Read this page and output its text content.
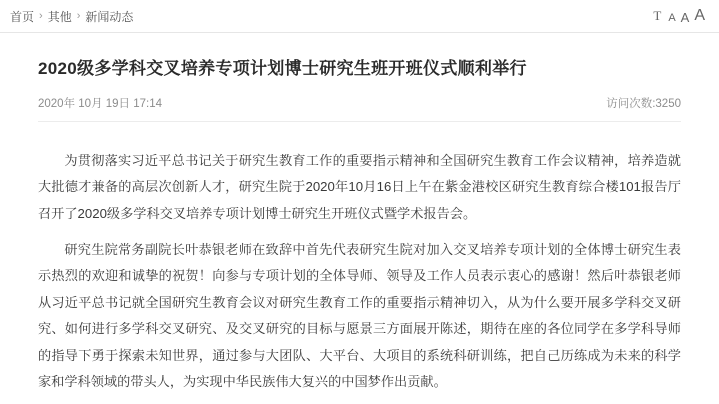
首页 › 其他 › 新闻动态	T A A A
2020级多学科交叉培养专项计划博士研究生班开班仪式顺利举行
2020年 10月 19日 17:14	访问次数:3250

为贯彻落实习近平总书记关于研究生教育工作的重要指示精神和全国研究生教育工作会议精神，培养造就大批德才兼备的高层次创新人才，研究生院于2020年10月16日上午在紫金港校区研究生教育综合楼101报告厅召开了2020级多学科交叉培养专项计划博士研究生开班仪式暨学术报告会。

研究生院常务副院长叶恭银老师在致辞中首先代表研究生院对加入交叉培养专项计划的全体博士研究生表示热烈的欢迎和诚挚的祝贺！向参与专项计划的全体导师、领导及工作人员表示衷心的感谢！然后叶恭银老师从习近平总书记就全国研究生教育会议对研究生教育工作的重要指示精神切入，从为什么要开展多学科交叉研究、如何进行多学科交叉研究、及交叉研究的目标与愿景三方面展开陈述，期待在座的各位同学在多学科导师的指导下勇于探索未知世界，通过参与大团队、大平台、大项目的系统科研训练，把自己历练成为未来的科学家和学科领域的带头人，为实现中华民族伟大复兴的中国梦作出贡献。
